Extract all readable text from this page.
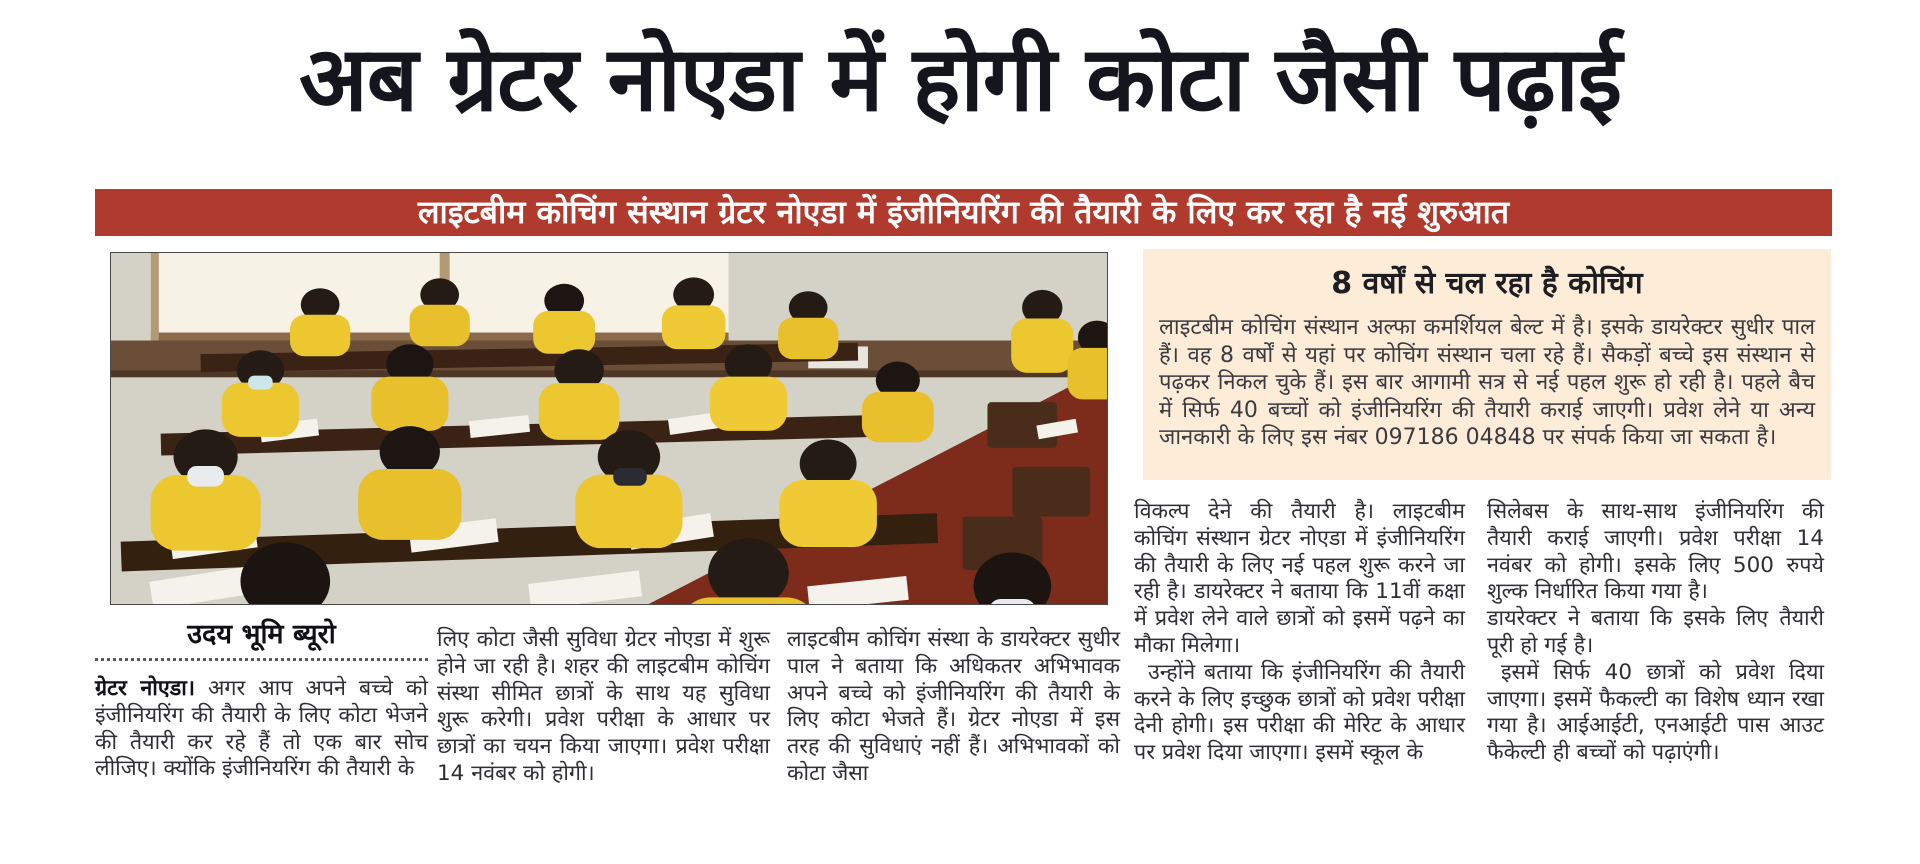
अब ग्रेटर नोएडा में होगी कोटा जैसी पढ़ाई
लाइटबीम कोचिंग संस्थान ग्रेटर नोएडा में इंजीनियरिंग की तैयारी के लिए कर रहा है नई शुरुआत
8 वर्षों से चल रहा है कोचिंग
लाइटबीम कोचिंग संस्थान अल्फा कमर्शियल बेल्ट में है। इसके डायरेक्टर सुधीर पाल हैं। वह 8 वर्षों से यहां पर कोचिंग संस्थान चला रहे हैं। सैकड़ों बच्चे इस संस्थान से पढ़कर निकल चुके हैं। इस बार आगामी सत्र से नई पहल शुरू हो रही है। पहले बैच में सिर्फ 40 बच्चों को इंजीनियरिंग की तैयारी कराई जाएगी। प्रवेश लेने या अन्य जानकारी के लिए इस नंबर 097186 04848 पर संपर्क किया जा सकता है।
उदय भूमि ब्यूरो

ग्रेटर नोएडा। अगर आप अपने बच्चे को इंजीनियरिंग की तैयारी के लिए कोटा भेजने की तैयारी कर रहे हैं तो एक बार सोच लीजिए। क्योंकि इंजीनियरिंग की तैयारी के

लिए कोटा जैसी सुविधा ग्रेटर नोएडा में शुरू होने जा रही है। शहर की लाइटबीम कोचिंग संस्था सीमित छात्रों के साथ यह सुविधा शुरू करेगी। प्रवेश परीक्षा के आधार पर छात्रों का चयन किया जाएगा। प्रवेश परीक्षा 14 नवंबर को होगी।

लाइटबीम कोचिंग संस्था के डायरेक्टर सुधीर पाल ने बताया कि अधिकतर अभिभावक अपने बच्चे को इंजीनियरिंग की तैयारी के लिए कोटा भेजते हैं। ग्रेटर नोएडा में इस तरह की सुविधाएं नहीं हैं। अभिभावकों को कोटा जैसा

विकल्प देने की तैयारी है। लाइटबीम कोचिंग संस्थान ग्रेटर नोएडा में इंजीनियरिंग की तैयारी के लिए नई पहल शुरू करने जा रही है। डायरेक्टर ने बताया कि 11वीं कक्षा में प्रवेश लेने वाले छात्रों को इसमें पढ़ने का मौका मिलेगा।

उन्होंने बताया कि इंजीनियरिंग की तैयारी करने के लिए इच्छुक छात्रों को प्रवेश परीक्षा देनी होगी। इस परीक्षा की मेरिट के आधार पर प्रवेश दिया जाएगा। इसमें स्कूल के

सिलेबस के साथ-साथ इंजीनियरिंग की तैयारी कराई जाएगी। प्रवेश परीक्षा 14 नवंबर को होगी। इसके लिए 500 रुपये शुल्क निर्धारित किया गया है।

डायरेक्टर ने बताया कि इसके लिए तैयारी पूरी हो गई है।

इसमें सिर्फ 40 छात्रों को प्रवेश दिया जाएगा। इसमें फैकल्टी का विशेष ध्यान रखा गया है। आईआईटी, एनआईटी पास आउट फैकेल्टी ही बच्चों को पढ़ाएंगी।
